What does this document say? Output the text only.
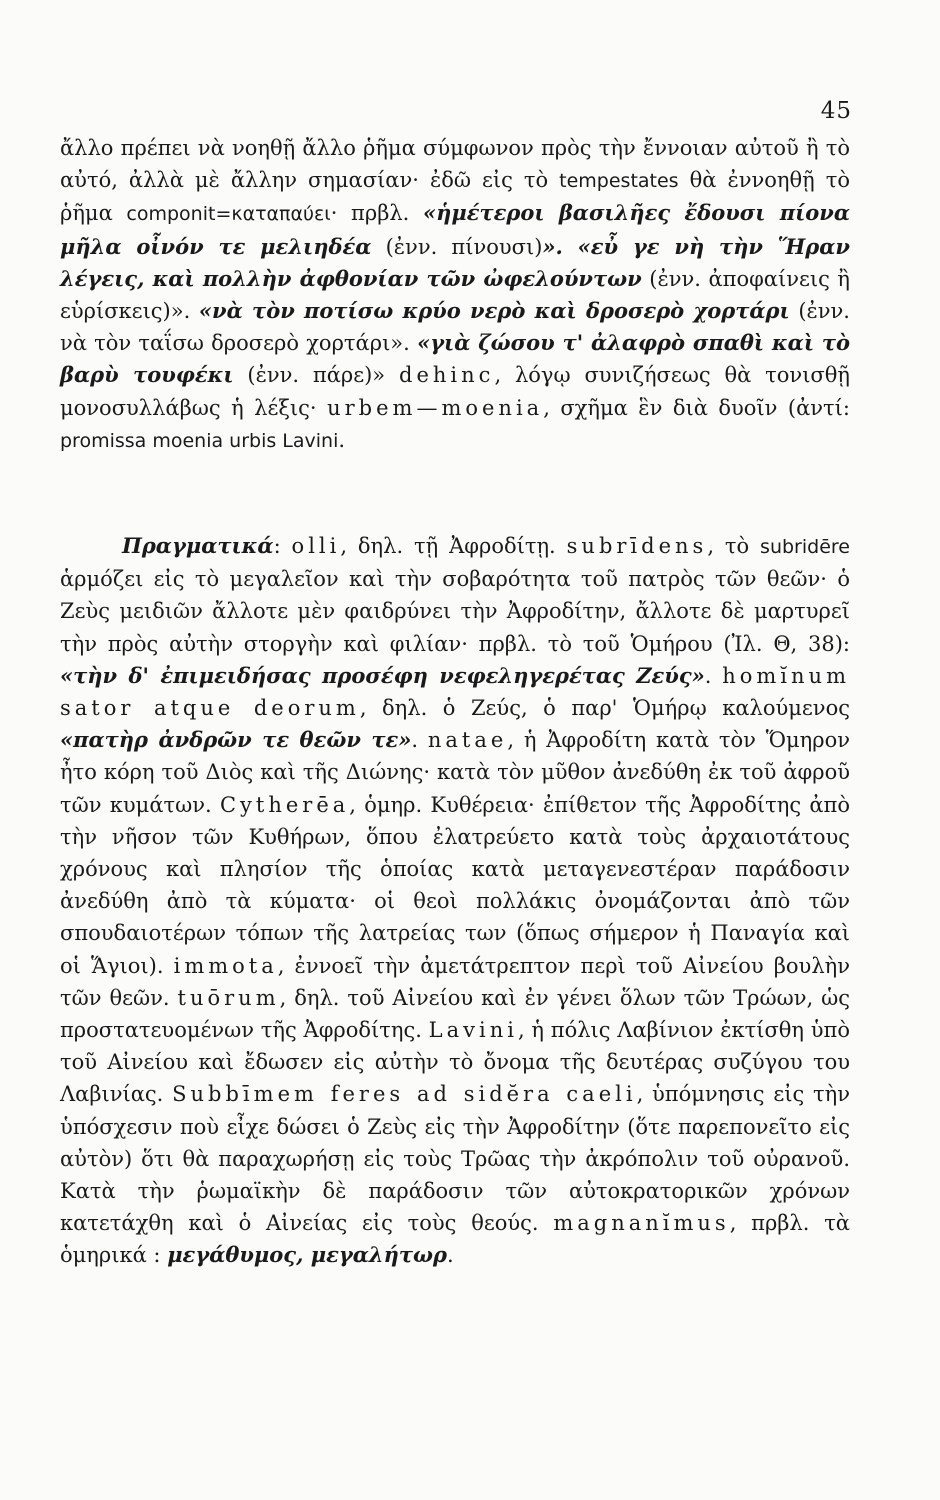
45

ἄλλο πρέπει νὰ νοηθῇ ἄλλο ῥῆμα σύμφωνον πρὸς τὴν ἔννοιαν αὐτοῦ ἢ τὸ αὐτό, ἀλλὰ μὲ ἄλλην σημασίαν· ἐδῶ εἰς τὸ tempestates θὰ ἐννοηθῇ τὸ ῥῆμα componit=καταπαύει· πρβλ. «ἡμέτεροι βασιλῆες ἔδουσι πίονα μῆλα οἶνόν τε μελιηδέα (ἐνν. πίνουσι)». «εὖ γε νὴ τὴν Ἥραν λέγεις, καὶ πολλὴν ἀφθονίαν τῶν ὠφελούντων (ἐνν. ἀποφαίνεις ἢ εὑρίσκεις)». «νὰ τὸν ποτίσω κρύο νερὸ καὶ δροσερὸ χορτάρι (ἐνν. νὰ τὸν ταΐσω δροσερὸ χορτάρι». «γιὰ ζώσου τ' ἀλαφρὸ σπαθὶ καὶ τὸ βαρὺ τουφέκι (ἐνν. πάρε)» dehinc, λόγῳ συνιζήσεως θὰ τονισθῇ μονοσυλλάβως ἡ λέξις· urbem—moenia, σχῆμα ἓν διὰ δυοῖν (ἀντί: promissa moenia urbis Lavini.

Πραγματικά: olli, δηλ. τῇ Ἀφροδίτῃ. subrīdens, τὸ subridēre ἁρμόζει εἰς τὸ μεγαλεῖον καὶ τὴν σοβαρότητα τοῦ πατρὸς τῶν θεῶν· ὁ Ζεὺς μειδιῶν ἄλλοτε μὲν φαιδρύνει τὴν Ἀφροδίτην, ἄλλοτε δὲ μαρτυρεῖ τὴν πρὸς αὐτὴν στοργὴν καὶ φιλίαν· πρβλ. τὸ τοῦ Ὁμήρου (Ἰλ. Θ, 38): «τὴν δ' ἐπιμειδήσας προσέφη νεφεληγερέτας Ζεύς». homĭnum sator atque deorum, δηλ. ὁ Ζεύς, ὁ παρ' Ὁμήρῳ καλούμενος «πατὴρ ἀνδρῶν τε θεῶν τε». natae, ἡ Ἀφροδίτη κατὰ τὸν Ὅμηρον ἦτο κόρη τοῦ Διὸς καὶ τῆς Διώνης· κατὰ τὸν μῦθον ἀνεδύθη ἐκ τοῦ ἀφροῦ τῶν κυμάτων. Cytherēa, ὁμηρ. Κυθέρεια· ἐπίθετον τῆς Ἀφροδίτης ἀπὸ τὴν νῆσον τῶν Κυθήρων, ὅπου ἐλατρεύετο κατὰ τοὺς ἀρχαιοτάτους χρόνους καὶ πλησίον τῆς ὁποίας κατὰ μεταγενεστέραν παράδοσιν ἀνεδύθη ἀπὸ τὰ κύματα· οἱ θεοὶ πολλάκις ὀνομάζονται ἀπὸ τῶν σπουδαιοτέρων τόπων τῆς λατρείας των (ὅπως σήμερον ἡ Παναγία καὶ οἱ Ἅγιοι). immota, ἐννοεῖ τὴν ἀμετάτρεπτον περὶ τοῦ Αἰνείου βουλὴν τῶν θεῶν. tuōrum, δηλ. τοῦ Αἰνείου καὶ ἐν γένει ὅλων τῶν Τρώων, ὡς προστατευομένων τῆς Ἀφροδίτης. Lavini, ἡ πόλις Λαβίνιον ἐκτίσθη ὑπὸ τοῦ Αἰνείου καὶ ἔδωσεν εἰς αὐτὴν τὸ ὄνομα τῆς δευτέρας συζύγου του Λαβινίας. Subbīmem feres ad sidĕra caeli, ὑπόμνησις εἰς τὴν ὑπόσχεσιν ποὺ εἶχε δώσει ὁ Ζεὺς εἰς τὴν Ἀφροδίτην (ὅτε παρεπονεῖτο εἰς αὐτὸν) ὅτι θὰ παραχωρήσῃ εἰς τοὺς Τρῶας τὴν ἀκρόπολιν τοῦ οὐρανοῦ. Κατὰ τὴν ῥωμαϊκὴν δὲ παράδοσιν τῶν αὐτοκρατορικῶν χρόνων κατετάχθη καὶ ὁ Αἰνείας εἰς τοὺς θεούς. magnanĭmus, πρβλ. τὰ ὁμηρικά : μεγάθυμος, μεγαλήτωρ.
